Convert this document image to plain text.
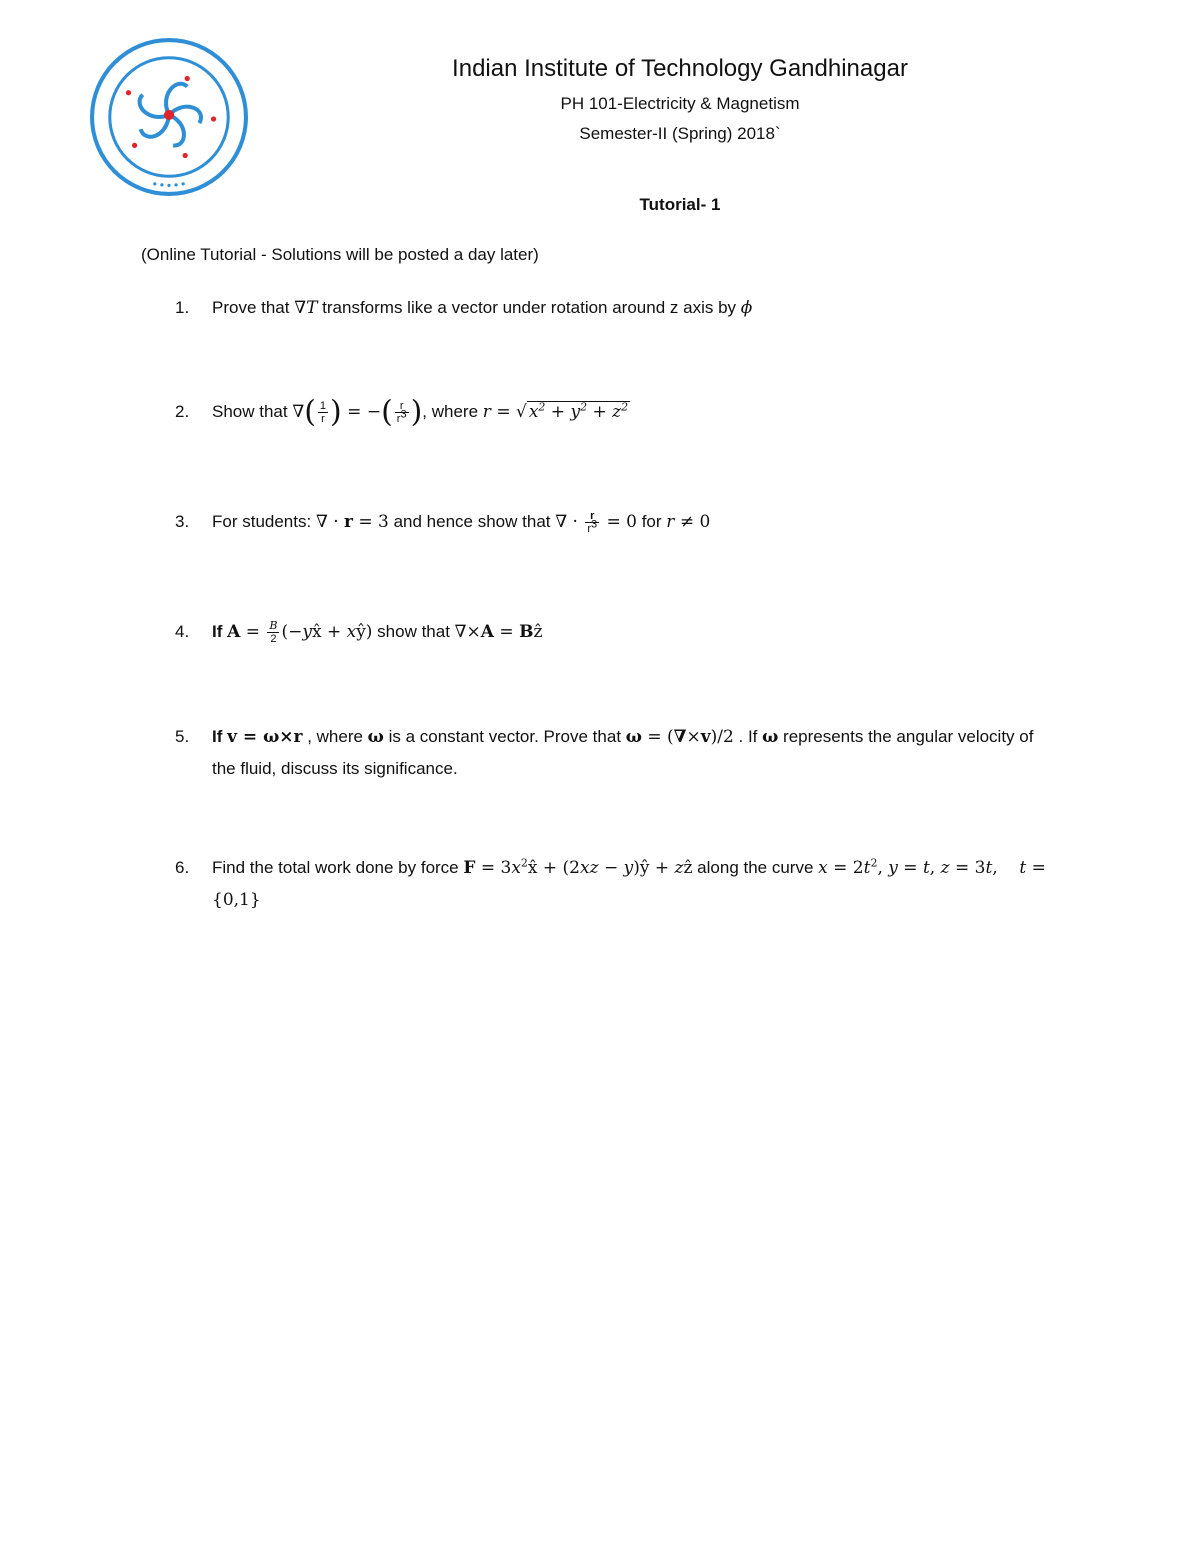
Indian Institute of Technology Gandhinagar
PH 101-Electricity & Magnetism
Semester-II (Spring) 2018`
Tutorial- 1
(Online Tutorial - Solutions will be posted a day later)
1. Prove that ∇T transforms like a vector under rotation around z axis by ϕ
2. Show that ∇( $\frac{1}{r}$ ) = −( $\frac{r}{r^3}$ ), where r = √ $x^2 + y^2 + z^2$
3. For students: ∇ · r = 3 and hence show that ∇ · $\frac{r}{r^3} = 0$ for r ≠ 0
4. If $A = \frac{B}{2}$ (−yx̂ + xŷ) show that ∇×A = Bẑ
5. If v = ω×r , where ω is a constant vector. Prove that ω = (∇×v)/2 . If ω represents the angular velocity of the fluid, discuss its significance.
6. Find the total work done by force $F = 3x^2x̂ + (2xz$ − y)ŷ + zẑ along the curve $x = 2t^2$, y = t, z = 3t,    t = {0,1}
